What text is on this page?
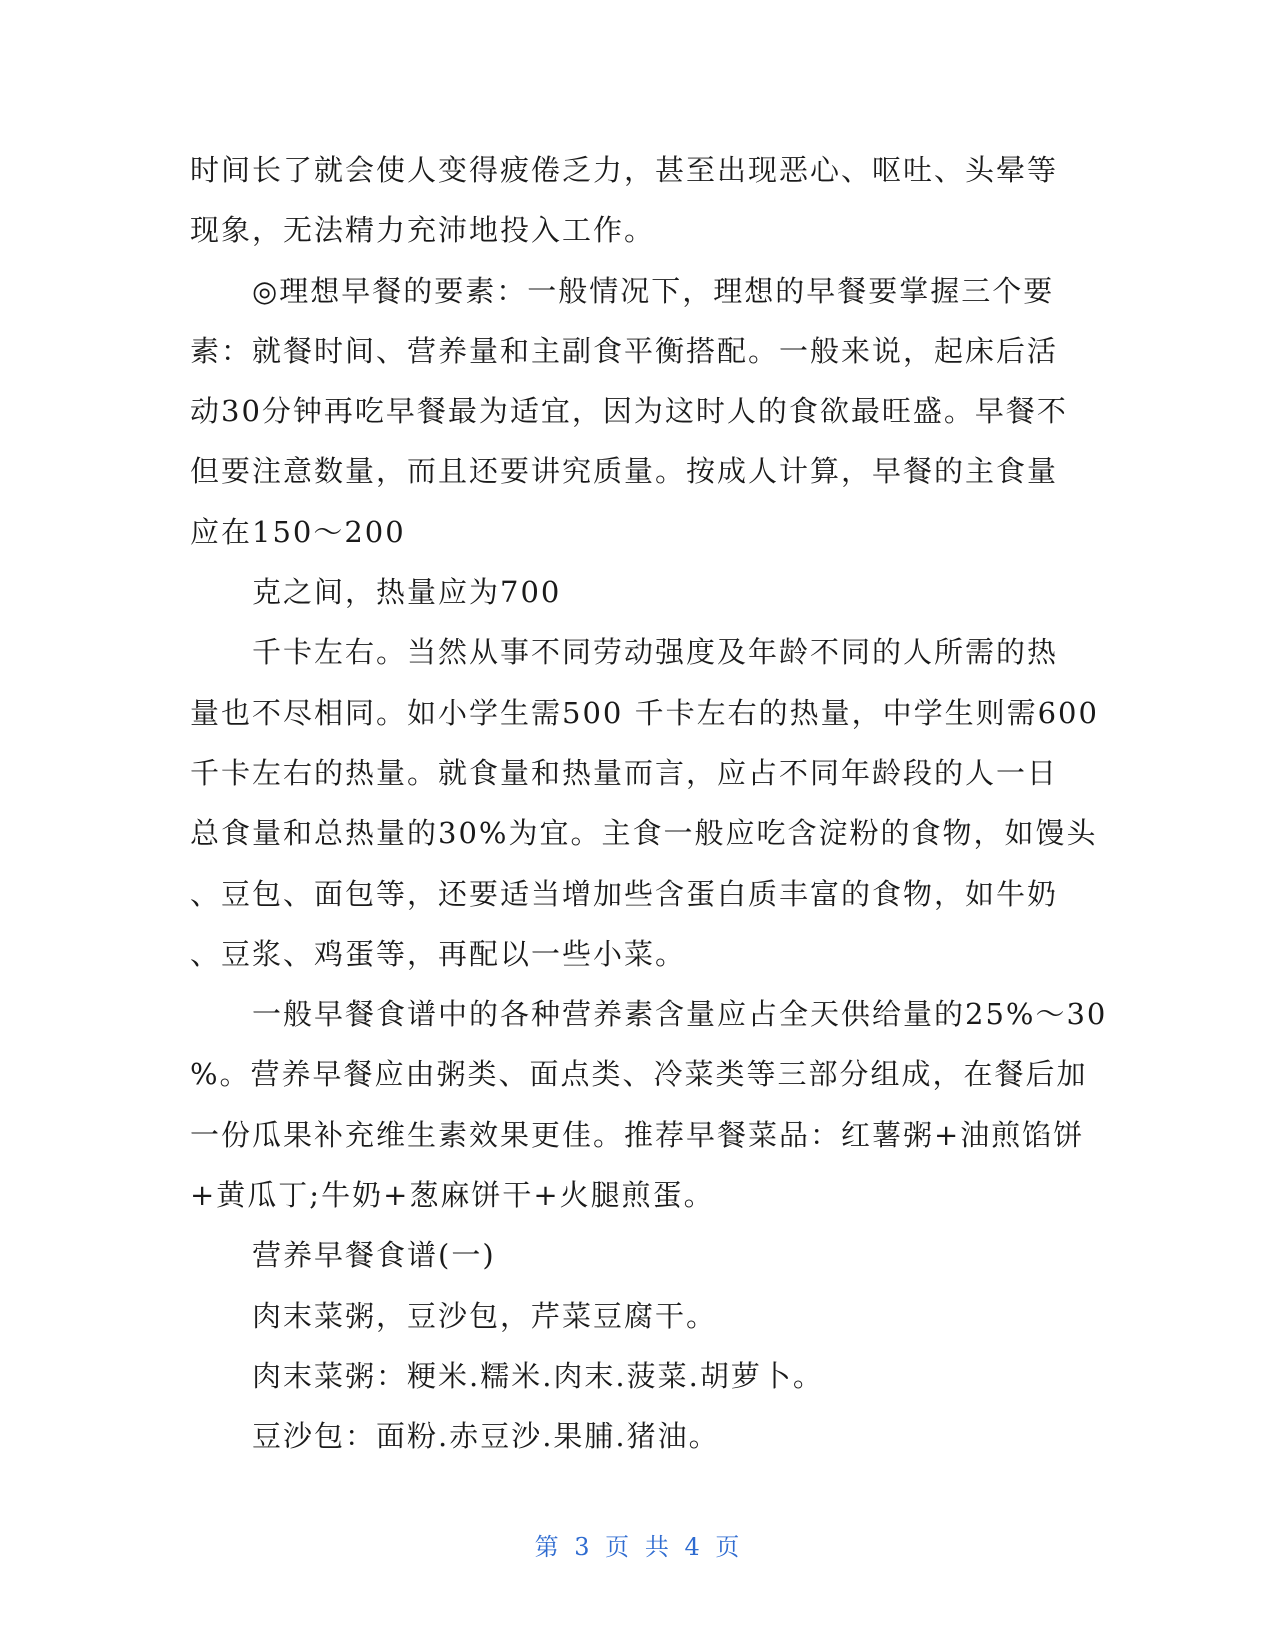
时间长了就会使人变得疲倦乏力，甚至出现恶心、呕吐、头晕等
现象，无法精力充沛地投入工作。
◎理想早餐的要素：一般情况下，理想的早餐要掌握三个要
素：就餐时间、营养量和主副食平衡搭配。一般来说，起床后活
动30分钟再吃早餐最为适宜，因为这时人的食欲最旺盛。早餐不
但要注意数量，而且还要讲究质量。按成人计算，早餐的主食量
应在150～200
克之间，热量应为700
千卡左右。当然从事不同劳动强度及年龄不同的人所需的热
量也不尽相同。如小学生需500 千卡左右的热量，中学生则需600
千卡左右的热量。就食量和热量而言，应占不同年龄段的人一日
总食量和总热量的30%为宜。主食一般应吃含淀粉的食物，如馒头
、豆包、面包等，还要适当增加些含蛋白质丰富的食物，如牛奶
、豆浆、鸡蛋等，再配以一些小菜。
一般早餐食谱中的各种营养素含量应占全天供给量的25%～30
%。营养早餐应由粥类、面点类、冷菜类等三部分组成，在餐后加
一份瓜果补充维生素效果更佳。推荐早餐菜品：红薯粥+油煎馅饼
+黄瓜丁;牛奶+葱麻饼干+火腿煎蛋。
营养早餐食谱(一)
肉末菜粥，豆沙包，芹菜豆腐干。
肉末菜粥：粳米.糯米.肉末.菠菜.胡萝卜。
豆沙包：面粉.赤豆沙.果脯.猪油。
第 3 页 共 4 页
